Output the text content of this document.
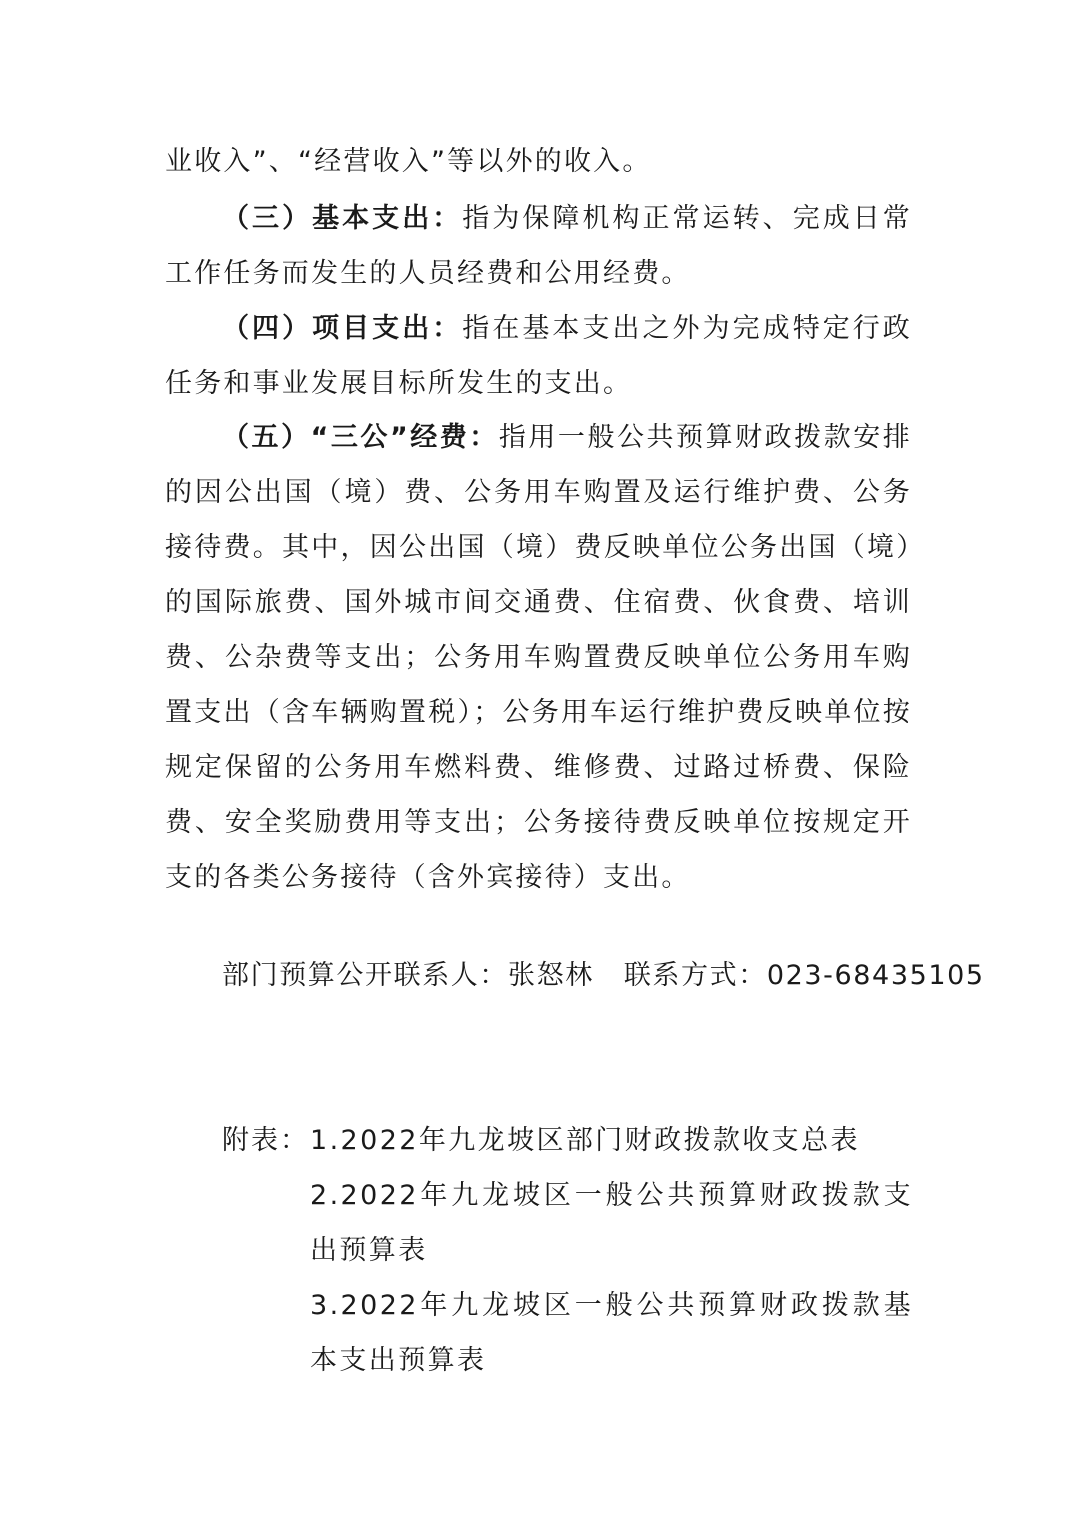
业收入”、“经营收入”等以外的收入。

（三）基本支出：指为保障机构正常运转、完成日常工作任务而发生的人员经费和公用经费。

（四）项目支出：指在基本支出之外为完成特定行政任务和事业发展目标所发生的支出。

（五）“三公”经费：指用一般公共预算财政拨款安排的因公出国（境）费、公务用车购置及运行维护费、公务接待费。其中，因公出国（境）费反映单位公务出国（境）的国际旅费、国外城市间交通费、住宿费、伙食费、培训费、公杂费等支出；公务用车购置费反映单位公务用车购置支出（含车辆购置税）；公务用车运行维护费反映单位按规定保留的公务用车燃料费、维修费、过路过桥费、保险费、安全奖励费用等支出；公务接待费反映单位按规定开支的各类公务接待（含外宾接待）支出。

部门预算公开联系人：张怒林 联系方式：023-68435105
附表： 1.2022年九龙坡区部门财政拨款收支总表
2.2022年九龙坡区一般公共预算财政拨款支出预算表
3.2022年九龙坡区一般公共预算财政拨款基本支出预算表
